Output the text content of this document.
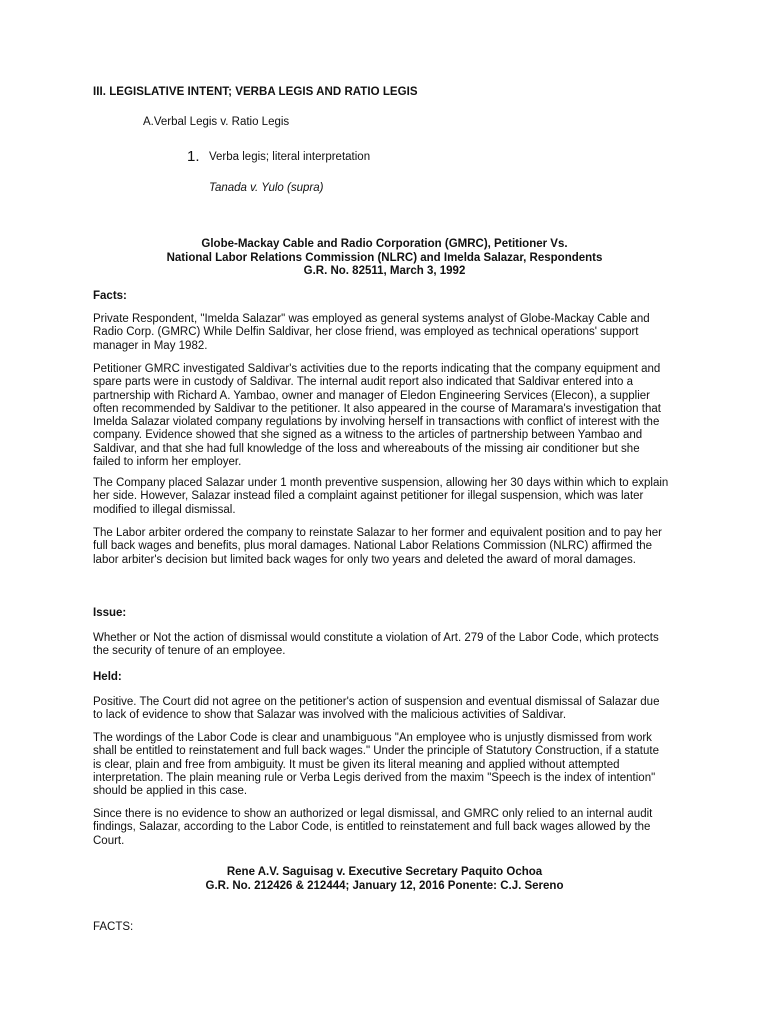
III. LEGISLATIVE INTENT; VERBA LEGIS AND RATIO LEGIS
A.Verbal Legis v. Ratio Legis
1. Verba legis; literal interpretation
Tanada v. Yulo (supra)
Globe-Mackay Cable and Radio Corporation (GMRC), Petitioner Vs.
National Labor Relations Commission (NLRC) and Imelda Salazar, Respondents
G.R. No. 82511, March 3, 1992
Facts:
Private Respondent, "Imelda Salazar" was employed as general systems analyst of Globe-Mackay Cable and
Radio Corp. (GMRC) While Delfin Saldivar, her close friend, was employed as technical operations' support
manager in May 1982.
Petitioner GMRC investigated Saldivar's activities due to the reports indicating that the company equipment and
spare parts were in custody of Saldivar. The internal audit report also indicated that Saldivar entered into a
partnership with Richard A. Yambao, owner and manager of Eledon Engineering Services (Elecon), a supplier
often recommended by Saldivar to the petitioner. It also appeared in the course of Maramara's investigation that
Imelda Salazar violated company regulations by involving herself in transactions with conflict of interest with the
company. Evidence showed that she signed as a witness to the articles of partnership between Yambao and
Saldivar, and that she had full knowledge of the loss and whereabouts of the missing air conditioner but she
failed to inform her employer.
The Company placed Salazar under 1 month preventive suspension, allowing her 30 days within which to explain
her side. However, Salazar instead filed a complaint against petitioner for illegal suspension, which was later
modified to illegal dismissal.
The Labor arbiter ordered the company to reinstate Salazar to her former and equivalent position and to pay her
full back wages and benefits, plus moral damages. National Labor Relations Commission (NLRC) affirmed the
labor arbiter's decision but limited back wages for only two years and deleted the award of moral damages.
Issue:
Whether or Not the action of dismissal would constitute a violation of Art. 279 of the Labor Code, which protects
the security of tenure of an employee.
Held:
Positive. The Court did not agree on the petitioner's action of suspension and eventual dismissal of Salazar due
to lack of evidence to show that Salazar was involved with the malicious activities of Saldivar.
The wordings of the Labor Code is clear and unambiguous "An employee who is unjustly dismissed from work
shall be entitled to reinstatement and full back wages." Under the principle of Statutory Construction, if a statute
is clear, plain and free from ambiguity. It must be given its literal meaning and applied without attempted
interpretation. The plain meaning rule or Verba Legis derived from the maxim "Speech is the index of intention"
should be applied in this case.
Since there is no evidence to show an authorized or legal dismissal, and GMRC only relied to an internal audit
findings, Salazar, according to the Labor Code, is entitled to reinstatement and full back wages allowed by the
Court.
Rene A.V. Saguisag v. Executive Secretary Paquito Ochoa
G.R. No. 212426 & 212444; January 12, 2016 Ponente: C.J. Sereno
FACTS:
